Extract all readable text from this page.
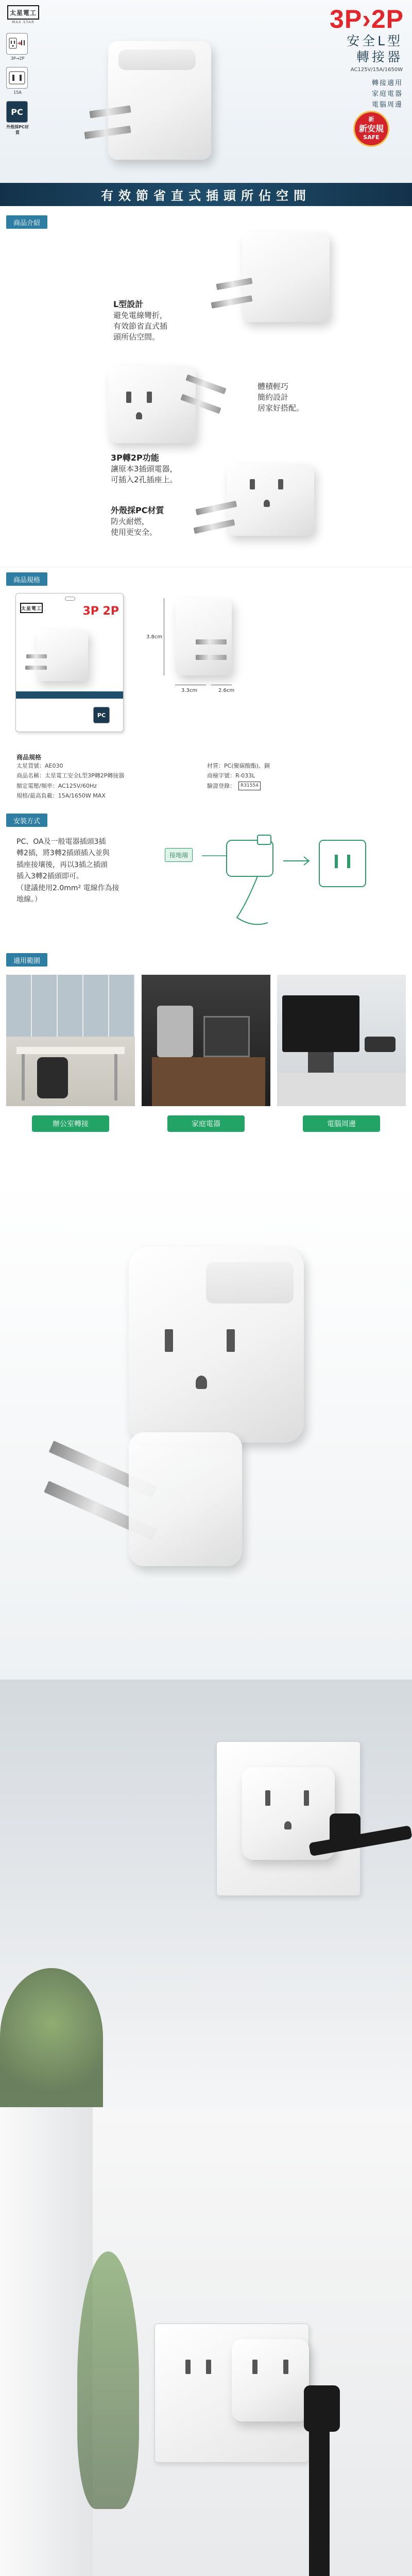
太星電工
MAX STAR
3P→2P
15A
PC
外殼採PC材質
3P›2P
安全L型
轉接器
AC125V/15A/1650W
轉接適用
家庭電器
電腦周邊
新
新安規
SAFE
有效節省直式插頭所佔空間
商品介紹
L型設計
避免電線彎折，
有效節省直式插
頭所佔空間。
體積輕巧
簡約設計
居家好搭配。
3P轉2P功能
讓原本3插頭電器，
可插入2孔插座上。
外殼採PC材質
防火耐燃，
使用更安全。
商品規格
太星電工	3P 2P
PC
3.8cm
3.3cm	2.6cm
商品規格
太星貨號：AE030	材質：PC(聚碳酸酯)、銅
商品名稱：太星電工安全L型3P轉2P轉接器	商檢字號：R-033L
額定電壓/頻率：AC125V/60Hz	驗證登錄： R31554
規格/最高負載：15A/1650W MAX
安裝方式
PC、OA及一般電器插頭3插
轉2插，將3轉2插頭插入並與
插座接壤後，再以3插之插頭
插入3轉2插頭即可。
（建議使用2.0mm² 電線作為接
地線。）
接地端
適用範圍
辦公室轉接	家庭電器	電腦周邊
